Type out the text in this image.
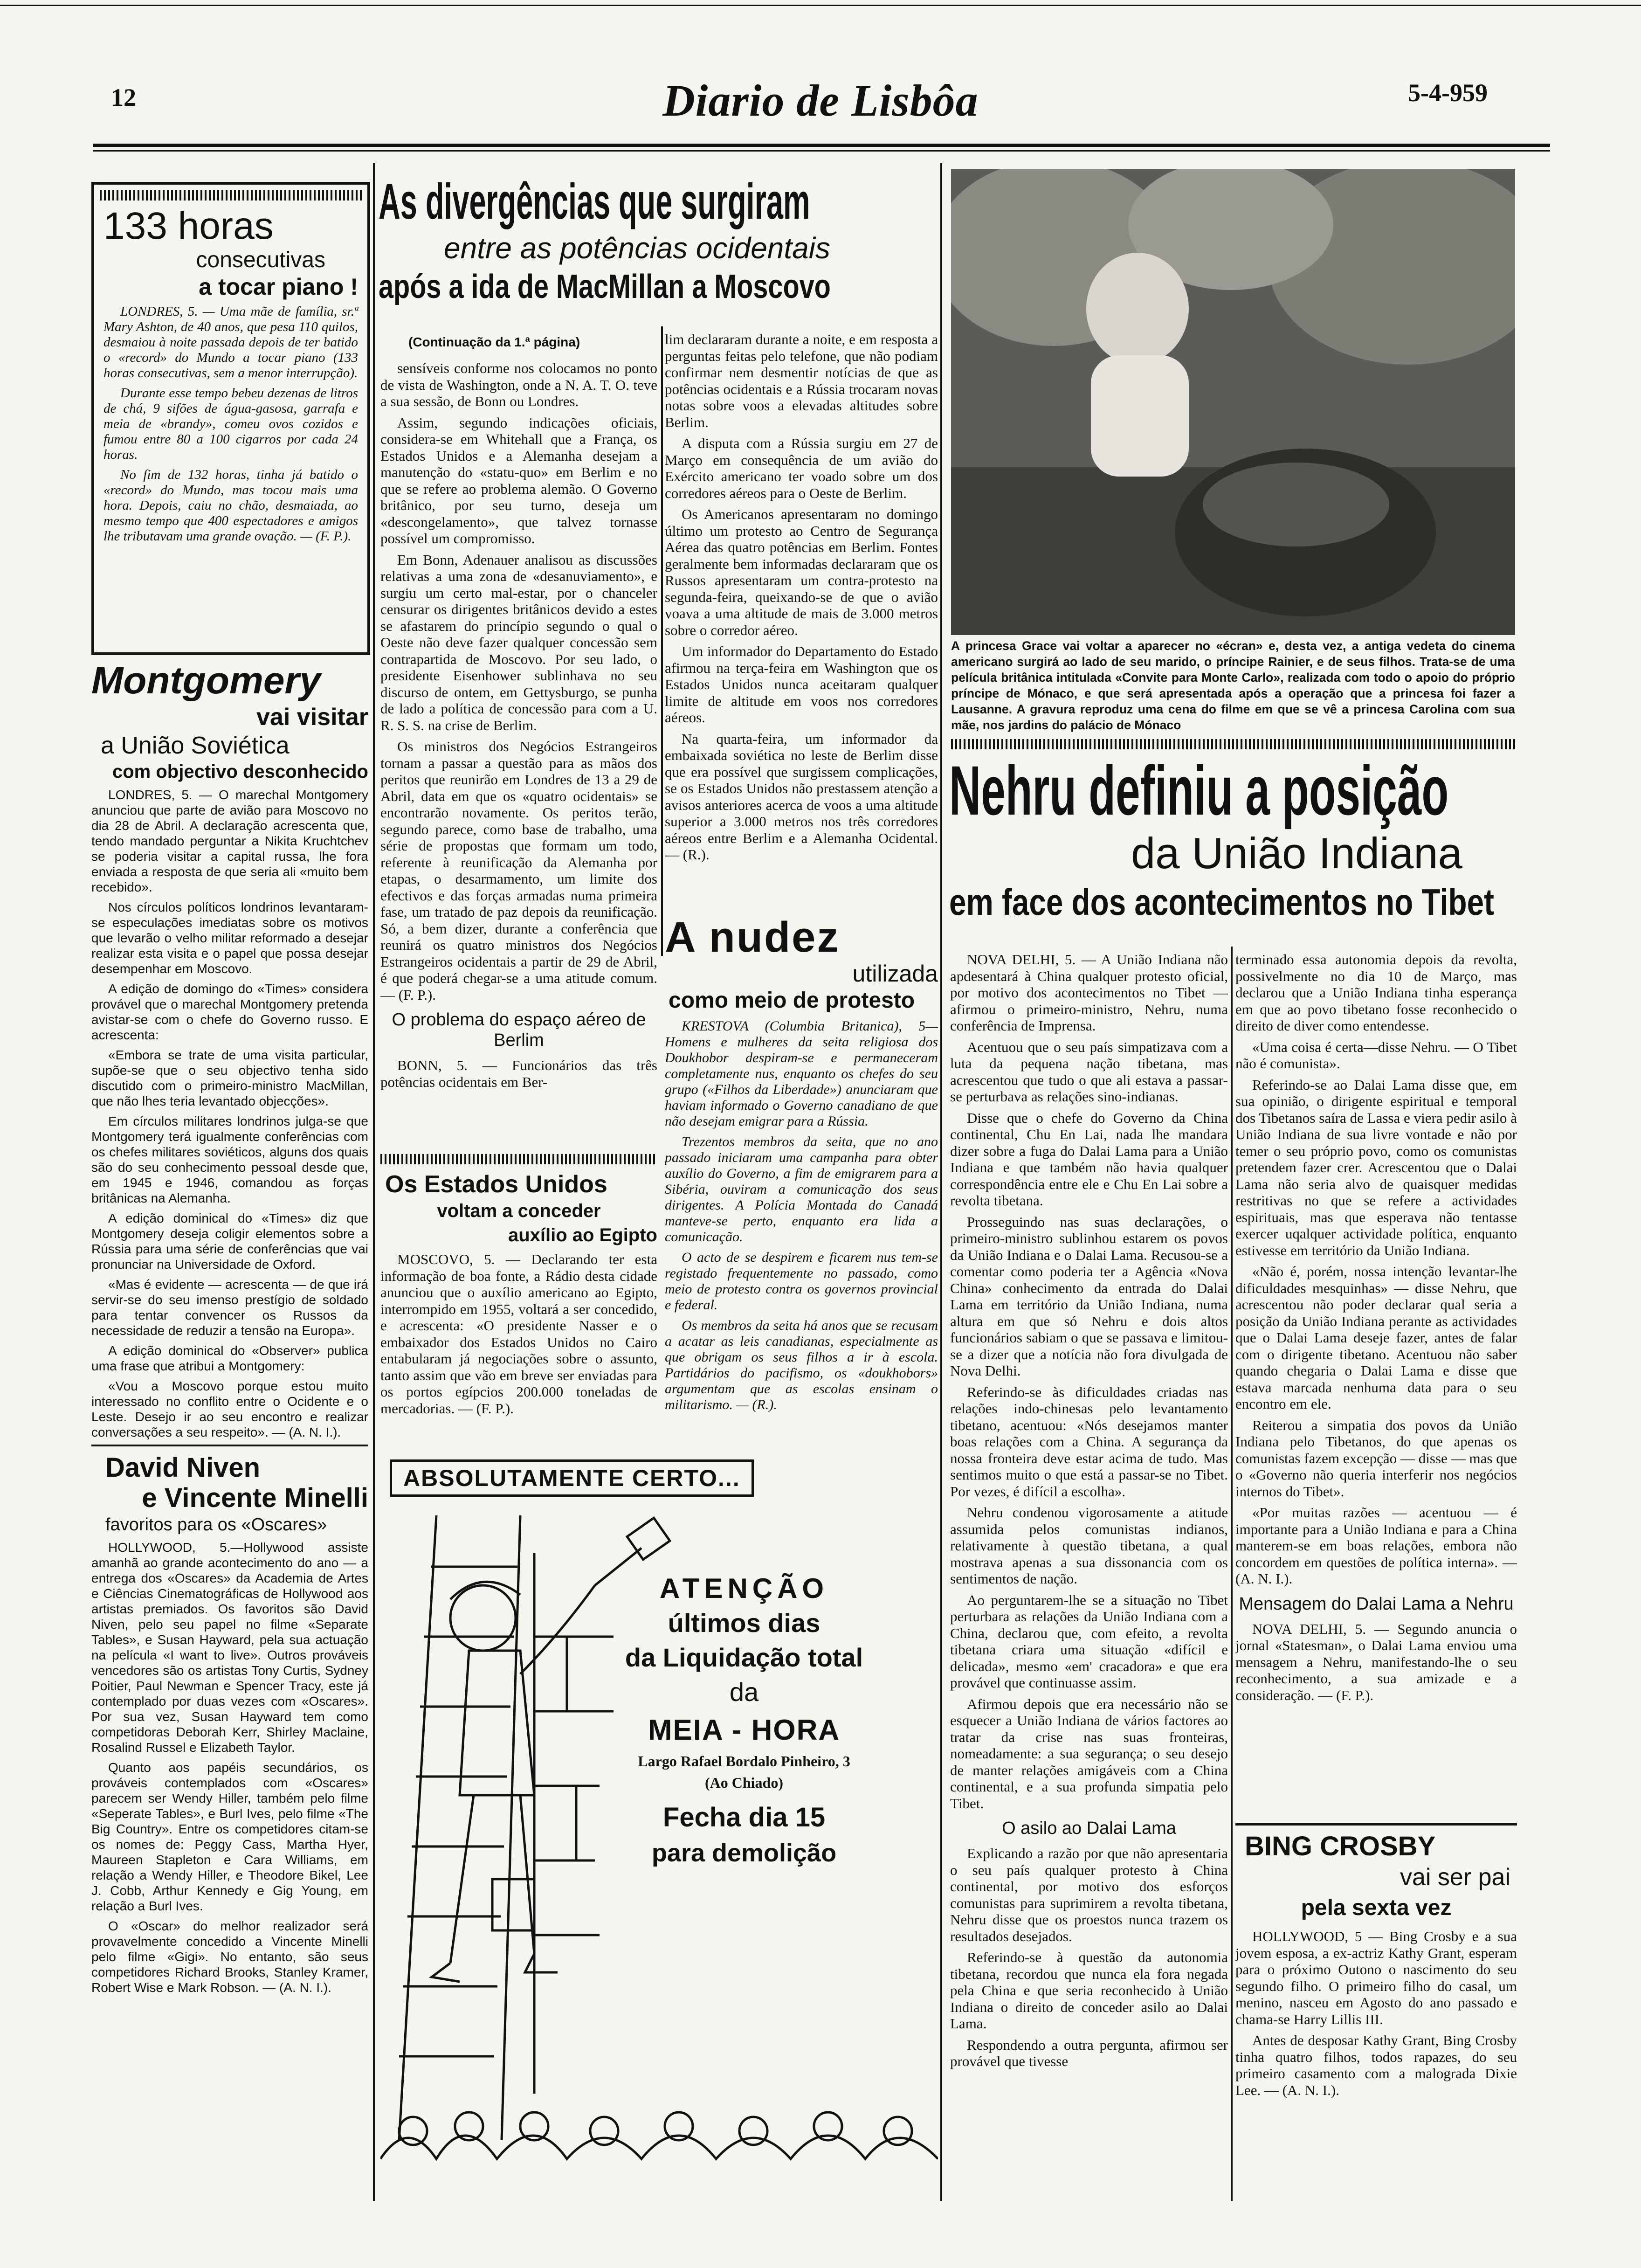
12	Diario de Lisbôa	5-4-959
133 horas
consecutivas
a tocar piano !

LONDRES, 5. — Uma mãe de família, sr.ª Mary Ashton, de 40 anos, que pesa 110 quilos, desmaiou à noite passada depois de ter batido o «record» do Mundo a tocar piano (133 horas consecutivas, sem a menor interrupção).

Durante esse tempo bebeu dezenas de litros de chá, 9 sifões de água-gasosa, garrafa e meia de «brandy», comeu ovos cozidos e fumou entre 80 a 100 cigarros por cada 24 horas.

No fim de 132 horas, tinha já batido o «record» do Mundo, mas tocou mais uma hora. Depois, caiu no chão, desmaiada, ao mesmo tempo que 400 espectadores e amigos lhe tributavam uma grande ovação. — (F. P.).

Montgomery
vai visitar
a União Soviética
com objectivo desconhecido

LONDRES, 5. — O marechal Montgomery anunciou que parte de avião para Moscovo no dia 28 de Abril. A declaração acrescenta que, tendo mandado perguntar a Nikita Kruchtchev se poderia visitar a capital russa, lhe fora enviada a resposta de que seria ali «muito bem recebido».

Nos círculos políticos londrinos levantaram-se especulações imediatas sobre os motivos que levarão o velho militar reformado a desejar realizar esta visita e o papel que possa desejar desempenhar em Moscovo.

A edição de domingo do «Times» considera provável que o marechal Montgomery pretenda avistar-se com o chefe do Governo russo. E acrescenta:

«Embora se trate de uma visita particular, supõe-se que o seu objectivo tenha sido discutido com o primeiro-ministro MacMillan, que não lhes teria levantado objecções».

Em círculos militares londrinos julga-se que Montgomery terá igualmente conferências com os chefes militares soviéticos, alguns dos quais são do seu conhecimento pessoal desde que, em 1945 e 1946, comandou as forças britânicas na Alemanha.

A edição dominical do «Times» diz que Montgomery deseja coligir elementos sobre a Rússia para uma série de conferências que vai pronunciar na Universidade de Oxford.

«Mas é evidente — acrescenta — de que irá servir-se do seu imenso prestígio de soldado para tentar convencer os Russos da necessidade de reduzir a tensão na Europa».

A edição dominical do «Observer» publica uma frase que atribui a Montgomery:

«Vou a Moscovo porque estou muito interessado no conflito entre o Ocidente e o Leste. Desejo ir ao seu encontro e realizar conversações a seu respeito». — (A. N. I.).

David Niven
e Vincente Minelli
favoritos para os «Oscares»

HOLLYWOOD, 5.—Hollywood assiste amanhã ao grande acontecimento do ano — a entrega dos «Oscares» da Academia de Artes e Ciências Cinematográficas de Hollywood aos artistas premiados. Os favoritos são David Niven, pelo seu papel no filme «Separate Tables», e Susan Hayward, pela sua actuação na película «I want to live». Outros prováveis vencedores são os artistas Tony Curtis, Sydney Poitier, Paul Newman e Spencer Tracy, este já contemplado por duas vezes com «Oscares». Por sua vez, Susan Hayward tem como competidoras Deborah Kerr, Shirley Maclaine, Rosalind Russel e Elizabeth Taylor.

Quanto aos papéis secundários, os prováveis contemplados com «Oscares» parecem ser Wendy Hiller, também pelo filme «Seperate Tables», e Burl Ives, pelo filme «The Big Country». Entre os competidores citam-se os nomes de: Peggy Cass, Martha Hyer, Maureen Stapleton e Cara Williams, em relação a Wendy Hiller, e Theodore Bikel, Lee J. Cobb, Arthur Kennedy e Gig Young, em relação a Burl Ives.

O «Oscar» do melhor realizador será provavelmente concedido a Vincente Minelli pelo filme «Gigi». No entanto, são seus competidores Richard Brooks, Stanley Kramer, Robert Wise e Mark Robson. — (A. N. I.).

As divergências que surgiram
entre as potências ocidentais
após a ida de MacMillan a Moscovo
(Continuação da 1.ª página)

sensíveis conforme nos colocamos no ponto de vista de Washington, onde a N. A. T. O. teve a sua sessão, de Bonn ou Londres.

Assim, segundo indicações oficiais, considera-se em Whitehall que a França, os Estados Unidos e a Alemanha desejam a manutenção do «statu-quo» em Berlim e no que se refere ao problema alemão. O Governo britânico, por seu turno, deseja um «descongelamento», que talvez tornasse possível um compromisso.

Em Bonn, Adenauer analisou as discussões relativas a uma zona de «desanuviamento», e surgiu um certo mal-estar, por o chanceler censurar os dirigentes britânicos devido a estes se afastarem do princípio segundo o qual o Oeste não deve fazer qualquer concessão sem contrapartida de Moscovo. Por seu lado, o presidente Eisenhower sublinhava no seu discurso de ontem, em Gettysburgo, se punha de lado a política de concessão para com a U. R. S. S. na crise de Berlim.

Os ministros dos Negócios Estrangeiros tornam a passar a questão para as mãos dos peritos que reunirão em Londres de 13 a 29 de Abril, data em que os «quatro ocidentais» se encontrarão novamente. Os peritos terão, segundo parece, como base de trabalho, uma série de propostas que formam um todo, referente à reunificação da Alemanha por etapas, o desarmamento, um limite dos efectivos e das forças armadas numa primeira fase, um tratado de paz depois da reunificação. Só, a bem dizer, durante a conferência que reunirá os quatro ministros dos Negócios Estrangeiros ocidentais a partir de 29 de Abril, é que poderá chegar-se a uma atitude comum. — (F. P.).

O problema do espaço aéreo de Berlim

BONN, 5. — Funcionários das três potências ocidentais em Ber-

lim declararam durante a noite, e em resposta a perguntas feitas pelo telefone, que não podiam confirmar nem desmentir notícias de que as potências ocidentais e a Rússia trocaram novas notas sobre voos a elevadas altitudes sobre Berlim.

A disputa com a Rússia surgiu em 27 de Março em consequência de um avião do Exército americano ter voado sobre um dos corredores aéreos para o Oeste de Berlim.

Os Americanos apresentaram no domingo último um protesto ao Centro de Segurança Aérea das quatro potências em Berlim. Fontes geralmente bem informadas declararam que os Russos apresentaram um contra-protesto na segunda-feira, queixando-se de que o avião voava a uma altitude de mais de 3.000 metros sobre o corredor aéreo.

Um informador do Departamento do Estado afirmou na terça-feira em Washington que os Estados Unidos nunca aceitaram qualquer limite de altitude em voos nos corredores aéreos.

Na quarta-feira, um informador da embaixada soviética no leste de Berlim disse que era possível que surgissem complicações, se os Estados Unidos não prestassem atenção a avisos anteriores acerca de voos a uma altitude superior a 3.000 metros nos três corredores aéreos entre Berlim e a Alemanha Ocidental. — (R.).

A nudez
utilizada
como meio de protesto

KRESTOVA (Columbia Britanica), 5—Homens e mulheres da seita religiosa dos Doukhobor despiram-se e permaneceram completamente nus, enquanto os chefes do seu grupo («Filhos da Liberdade») anunciaram que haviam informado o Governo canadiano de que não desejam emigrar para a Rússia.

Trezentos membros da seita, que no ano passado iniciaram uma campanha para obter auxílio do Governo, a fim de emigrarem para a Sibéria, ouviram a comunicação dos seus dirigentes. A Polícia Montada do Canadá manteve-se perto, enquanto era lida a comunicação.

O acto de se despirem e ficarem nus tem-se registado frequentemente no passado, como meio de protesto contra os governos provincial e federal.

Os membros da seita há anos que se recusam a acatar as leis canadianas, especialmente as que obrigam os seus filhos a ir à escola. Partidários do pacifismo, os «doukhobors» argumentam que as escolas ensinam o militarismo. — (R.).

Os Estados Unidos
voltam a conceder
auxílio ao Egipto

MOSCOVO, 5. — Declarando ter esta informação de boa fonte, a Rádio desta cidade anunciou que o auxílio americano ao Egipto, interrompido em 1955, voltará a ser concedido, e acrescenta: «O presidente Nasser e o embaixador dos Estados Unidos no Cairo entabularam já negociações sobre o assunto, tanto assim que vão em breve ser enviadas para os portos egípcios 200.000 toneladas de mercadorias. — (F. P.).

ABSOLUTAMENTE CERTO...
ATENÇÃO
últimos dias
da Liquidação total
da
MEIA - HORA
Largo Rafael Bordalo Pinheiro, 3
(Ao Chiado)
Fecha dia 15
para demolição
A princesa Grace vai voltar a aparecer no «écran» e, desta vez, a antiga vedeta do cinema americano surgirá ao lado de seu marido, o príncipe Rainier, e de seus filhos. Trata-se de uma película britânica intitulada «Convite para Monte Carlo», realizada com todo o apoio do próprio príncipe de Mónaco, e que será apresentada após a operação que a princesa foi fazer a Lausanne. A gravura reproduz uma cena do filme em que se vê a princesa Carolina com sua mãe, nos jardins do palácio de Mónaco
Nehru definiu a posição
da União Indiana
em face dos acontecimentos no Tibet

NOVA DELHI, 5. — A União Indiana não apdesentará à China qualquer protesto oficial, por motivo dos acontecimentos no Tibet — afirmou o primeiro-ministro, Nehru, numa conferência de Imprensa.

Acentuou que o seu país simpatizava com a luta da pequena nação tibetana, mas acrescentou que tudo o que ali estava a passar-se perturbava as relações sino-indianas.

Disse que o chefe do Governo da China continental, Chu En Lai, nada lhe mandara dizer sobre a fuga do Dalai Lama para a União Indiana e que também não havia qualquer correspondência entre ele e Chu En Lai sobre a revolta tibetana.

Prosseguindo nas suas declarações, o primeiro-ministro sublinhou estarem os povos da União Indiana e o Dalai Lama. Recusou-se a comentar como poderia ter a Agência «Nova China» conhecimento da entrada do Dalai Lama em território da União Indiana, numa altura em que só Nehru e dois altos funcionários sabiam o que se passava e limitou-se a dizer que a notícia não fora divulgada de Nova Delhi.

Referindo-se às dificuldades criadas nas relações indo-chinesas pelo levantamento tibetano, acentuou: «Nós desejamos manter boas relações com a China. A segurança da nossa fronteira deve estar acima de tudo. Mas sentimos muito o que está a passar-se no Tibet. Por vezes, é difícil a escolha».

Nehru condenou vigorosamente a atitude assumida pelos comunistas indianos, relativamente à questão tibetana, a qual mostrava apenas a sua dissonancia com os sentimentos de nação.

Ao perguntarem-lhe se a situação no Tibet perturbara as relações da União Indiana com a China, declarou que, com efeito, a revolta tibetana criara uma situação «difícil e delicada», mesmo «em' cracadora» e que era provável que continuasse assim.

Afirmou depois que era necessário não se esquecer a União Indiana de vários factores ao tratar da crise nas suas fronteiras, nomeadamente: a sua segurança; o seu desejo de manter relações amigáveis com a China continental, e a sua profunda simpatia pelo Tibet.

O asilo ao Dalai Lama

Explicando a razão por que não apresentaria o seu país qualquer protesto à China continental, por motivo dos esforços comunistas para suprimirem a revolta tibetana, Nehru disse que os proestos nunca trazem os resultados desejados.

Referindo-se à questão da autonomia tibetana, recordou que nunca ela fora negada pela China e que seria reconhecido à União Indiana o direito de conceder asilo ao Dalai Lama.

Respondendo a outra pergunta, afirmou ser provável que tivesse

terminado essa autonomia depois da revolta, possivelmente no dia 10 de Março, mas declarou que a União Indiana tinha esperança em que ao povo tibetano fosse reconhecido o direito de diver como entendesse.

«Uma coisa é certa—disse Nehru. — O Tibet não é comunista».

Referindo-se ao Dalai Lama disse que, em sua opinião, o dirigente espiritual e temporal dos Tibetanos saíra de Lassa e viera pedir asilo à União Indiana de sua livre vontade e não por temer o seu próprio povo, como os comunistas pretendem fazer crer. Acrescentou que o Dalai Lama não seria alvo de quaisquer medidas restritivas no que se refere a actividades espirituais, mas que esperava não tentasse exercer uqalquer actividade política, enquanto estivesse em território da União Indiana.

«Não é, porém, nossa intenção levantar-lhe dificuldades mesquinhas» — disse Nehru, que acrescentou não poder declarar qual seria a posição da União Indiana perante as actividades que o Dalai Lama deseje fazer, antes de falar com o dirigente tibetano. Acentuou não saber quando chegaria o Dalai Lama e disse que estava marcada nenhuma data para o seu encontro em ele.

Reiterou a simpatia dos povos da União Indiana pelo Tibetanos, do que apenas os comunistas fazem excepção — disse — mas que o «Governo não queria interferir nos negócios internos do Tibet».

«Por muitas razões — acentuou — é importante para a União Indiana e para a China manterem-se em boas relações, embora não concordem em questões de política interna». — (A. N. I.).

Mensagem do Dalai Lama a Nehru

NOVA DELHI, 5. — Segundo anuncia o jornal «Statesman», o Dalai Lama enviou uma mensagem a Nehru, manifestando-lhe o seu reconhecimento, a sua amizade e a consideração. — (F. P.).

BING CROSBY
vai ser pai
pela sexta vez

HOLLYWOOD, 5 — Bing Crosby e a sua jovem esposa, a ex-actriz Kathy Grant, esperam para o próximo Outono o nascimento do seu segundo filho. O primeiro filho do casal, um menino, nasceu em Agosto do ano passado e chama-se Harry Lillis III.

Antes de desposar Kathy Grant, Bing Crosby tinha quatro filhos, todos rapazes, do seu primeiro casamento com a malograda Dixie Lee. — (A. N. I.).
